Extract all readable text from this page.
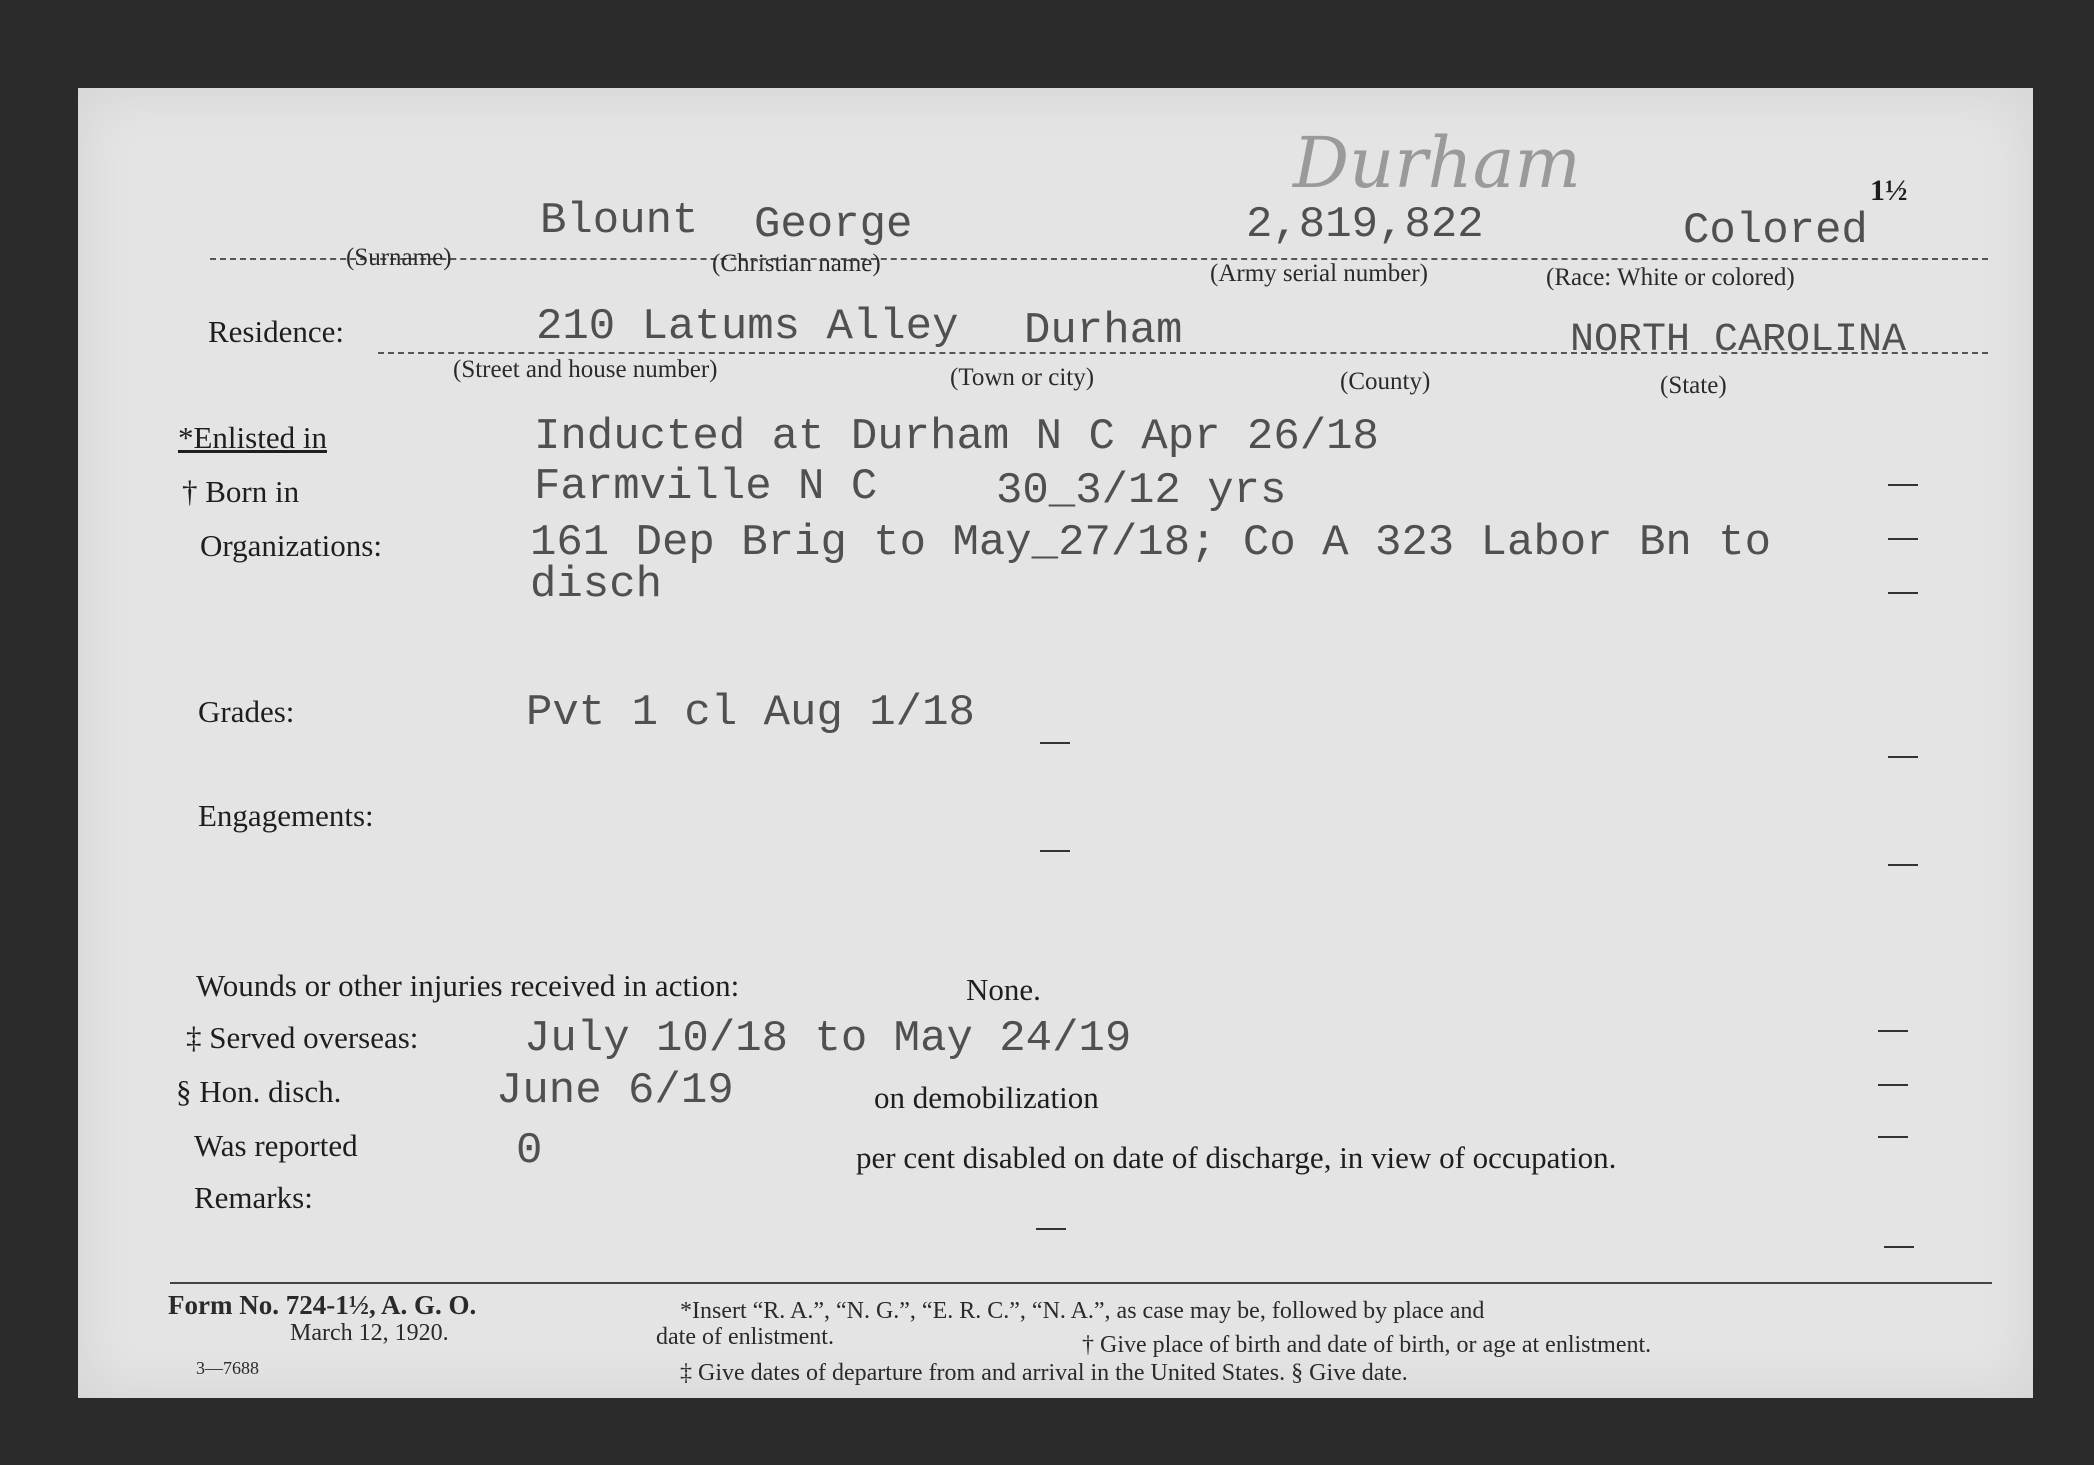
Durham	1½
Blount George	2,819,822	Colored
(Surname)	(Christian name)	(Army serial number)	(Race: White or colored)
Residence:	210 Latums Alley Durham	NORTH CAROLINA
(Street and house number)	(Town or city)	(County)	(State)
*Enlisted in	Inducted at Durham N C Apr 26/18
† Born in	Farmville N C	30_3/12 yrs
Organizations:	161 Dep Brig to May_27/18; Co A 323 Labor Bn to
disch
Grades:	Pvt 1 cl Aug 1/18
Engagements:
Wounds or other injuries received in action:	None.
‡ Served overseas: July 10/18 to May 24/19
§ Hon. disch.	June 6/19	on demobilization
Was reported	0	per cent disabled on date of discharge, in view of occupation.
Remarks:
Form No. 724-1½, A. G. O.
March 12, 1920.
3—7688
*Insert “R. A.”, “N. G.”, “E. R. C.”, “N. A.”, as case may be, followed by place and
date of enlistment.	† Give place of birth and date of birth, or age at enlistment.
‡ Give dates of departure from and arrival in the United States. § Give date.
